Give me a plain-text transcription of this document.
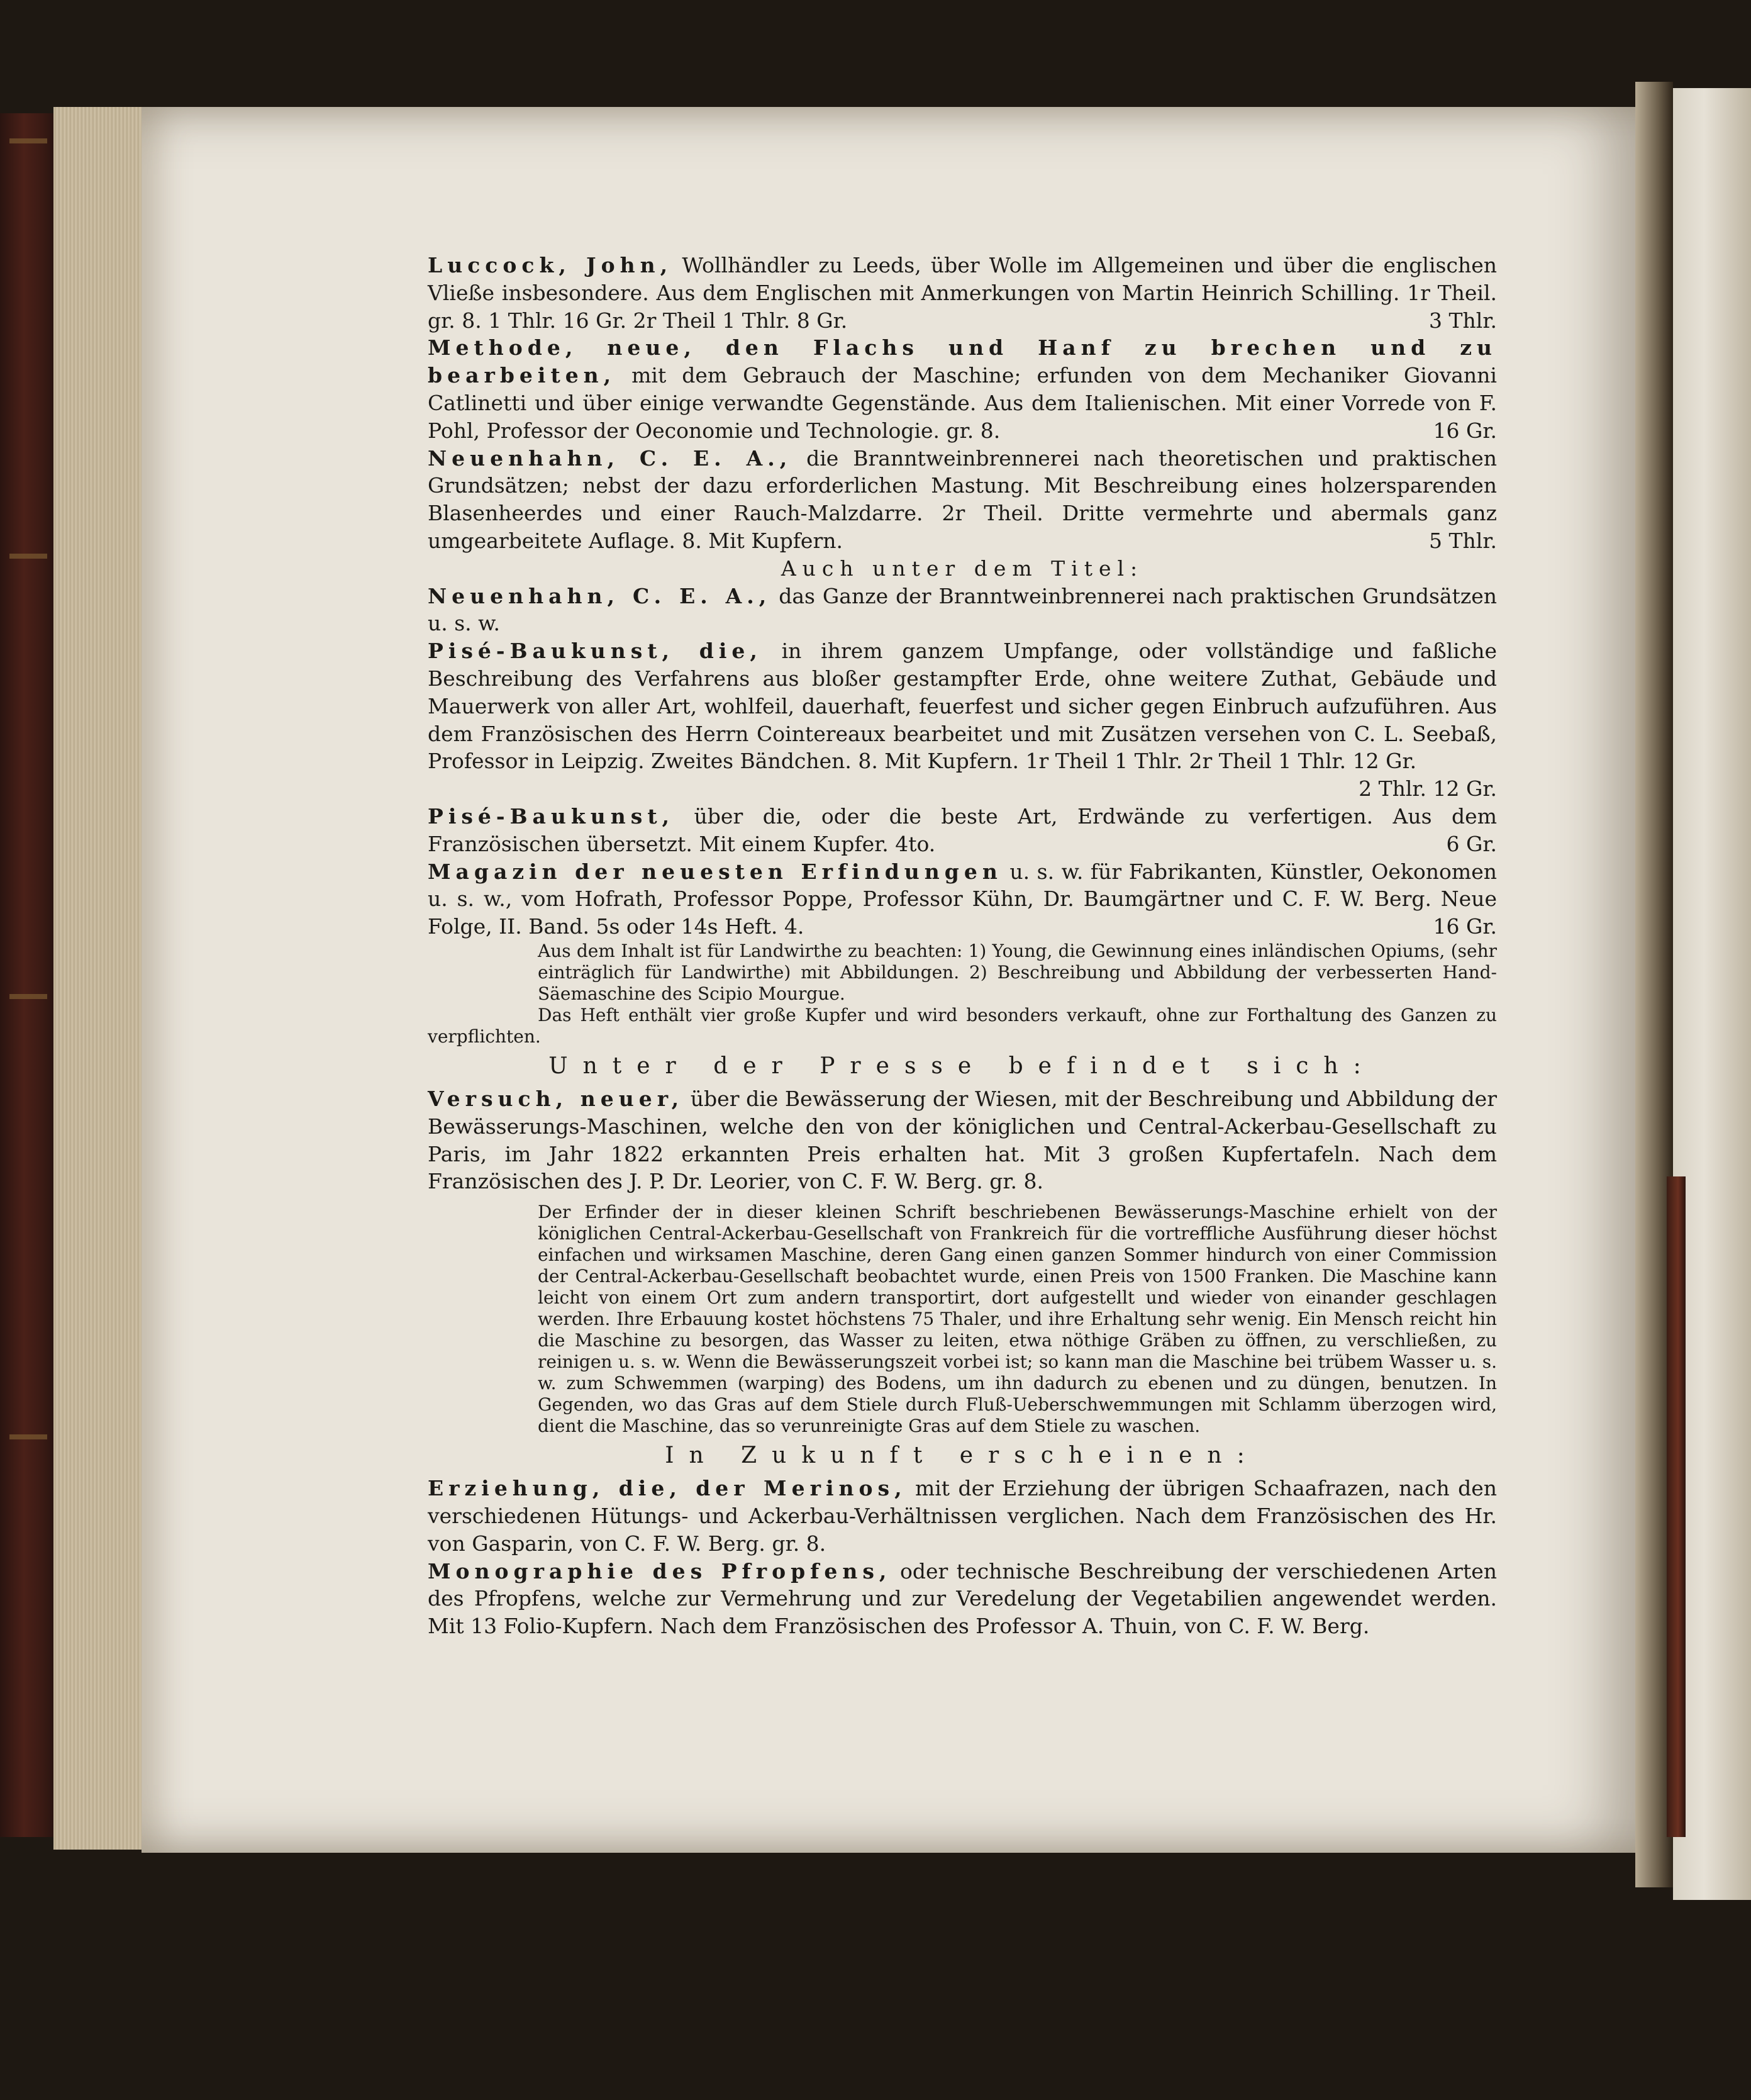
Luccock, John, Wollhändler zu Leeds, über Wolle im Allgemeinen und über die englischen Vließe insbesondere. Aus dem Englischen mit Anmerkungen von Martin Heinrich Schilling. 1r Theil. gr. 8. 1 Thlr. 16 Gr. 2r Theil 1 Thlr. 8 Gr.	3 Thlr.

Methode, neue, den Flachs und Hanf zu brechen und zu bearbeiten, mit dem Gebrauch der Maschine; erfunden von dem Mechaniker Giovanni Catlinetti und über einige verwandte Gegenstände. Aus dem Italienischen. Mit einer Vorrede von F. Pohl, Professor der Oeconomie und Technologie. gr. 8.	16 Gr.

Neuenhahn, C. E. A., die Branntweinbrennerei nach theoretischen und praktischen Grundsätzen; nebst der dazu erforderlichen Mastung. Mit Beschreibung eines holzersparenden Blasenheerdes und einer Rauch-Malzdarre. 2r Theil. Dritte vermehrte und abermals ganz umgearbeitete Auflage. 8. Mit Kupfern.	5 Thlr.

Auch unter dem Titel:

Neuenhahn, C. E. A., das Ganze der Branntweinbrennerei nach praktischen Grundsätzen u. s. w.

Pisé-Baukunst, die, in ihrem ganzem Umpfange, oder vollständige und faßliche Beschreibung des Verfahrens aus bloßer gestampfter Erde, ohne weitere Zuthat, Gebäude und Mauerwerk von aller Art, wohlfeil, dauerhaft, feuerfest und sicher gegen Einbruch aufzuführen. Aus dem Französischen des Herrn Cointereaux bearbeitet und mit Zusätzen versehen von C. L. Seebaß, Professor in Leipzig. Zweites Bändchen. 8. Mit Kupfern. 1r Theil 1 Thlr. 2r Theil 1 Thlr. 12 Gr.
2 Thlr. 12 Gr.

Pisé-Baukunst, über die, oder die beste Art, Erdwände zu verfertigen. Aus dem Französischen übersetzt. Mit einem Kupfer. 4to.	6 Gr.

Magazin der neuesten Erfindungen u. s. w. für Fabrikanten, Künstler, Oekonomen u. s. w., vom Hofrath, Professor Poppe, Professor Kühn, Dr. Baumgärtner und C. F. W. Berg. Neue Folge, II. Band. 5s oder 14s Heft. 4.	16 Gr.

Aus dem Inhalt ist für Landwirthe zu beachten: 1) Young, die Gewinnung eines inländischen Opiums, (sehr einträglich für Landwirthe) mit Abbildungen. 2) Beschreibung und Abbildung der verbesserten Hand-Säemaschine des Scipio Mourgue.

Das Heft enthält vier große Kupfer und wird besonders verkauft, ohne zur Forthaltung des Ganzen zu verpflichten.

Unter der Presse befindet sich:

Versuch, neuer, über die Bewässerung der Wiesen, mit der Beschreibung und Abbildung der Bewässerungs-Maschinen, welche den von der königlichen und Central-Ackerbau-Gesellschaft zu Paris, im Jahr 1822 erkannten Preis erhalten hat. Mit 3 großen Kupfertafeln. Nach dem Französischen des J. P. Dr. Leorier, von C. F. W. Berg. gr. 8.

Der Erfinder der in dieser kleinen Schrift beschriebenen Bewässerungs-Maschine erhielt von der königlichen Central-Ackerbau-Gesellschaft von Frankreich für die vortreffliche Ausführung dieser höchst einfachen und wirksamen Maschine, deren Gang einen ganzen Sommer hindurch von einer Commission der Central-Ackerbau-Gesellschaft beobachtet wurde, einen Preis von 1500 Franken. Die Maschine kann leicht von einem Ort zum andern transportirt, dort aufgestellt und wieder von einander geschlagen werden. Ihre Erbauung kostet höchstens 75 Thaler, und ihre Erhaltung sehr wenig. Ein Mensch reicht hin die Maschine zu besorgen, das Wasser zu leiten, etwa nöthige Gräben zu öffnen, zu verschließen, zu reinigen u. s. w. Wenn die Bewässerungszeit vorbei ist; so kann man die Maschine bei trübem Wasser u. s. w. zum Schwemmen (warping) des Bodens, um ihn dadurch zu ebenen und zu düngen, benutzen. In Gegenden, wo das Gras auf dem Stiele durch Fluß-Ueberschwemmungen mit Schlamm überzogen wird, dient die Maschine, das so verunreinigte Gras auf dem Stiele zu waschen.

In Zukunft erscheinen:

Erziehung, die, der Merinos, mit der Erziehung der übrigen Schaafrazen, nach den verschiedenen Hütungs- und Ackerbau-Verhältnissen verglichen. Nach dem Französischen des Hr. von Gasparin, von C. F. W. Berg. gr. 8.

Monographie des Pfropfens, oder technische Beschreibung der verschiedenen Arten des Pfropfens, welche zur Vermehrung und zur Veredelung der Vegetabilien angewendet werden. Mit 13 Folio-Kupfern. Nach dem Französischen des Professor A. Thuin, von C. F. W. Berg.
